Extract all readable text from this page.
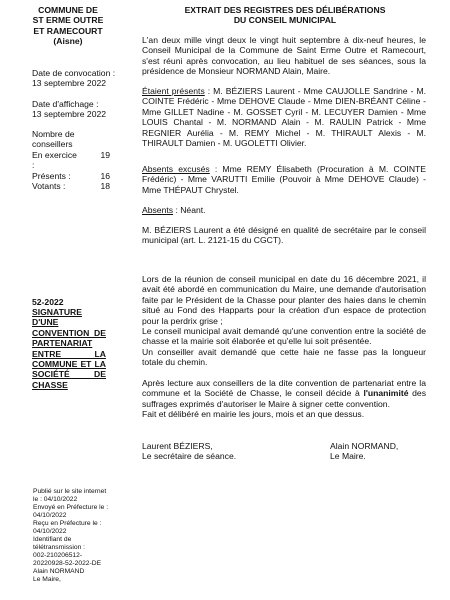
COMMUNE DE
ST ERME OUTRE
ET RAMECOURT
(Aisne)
Date de convocation :
13 septembre 2022
Date d'affichage :
13 septembre 2022
Nombre de
conseillers
En exercice :
19
Présents :	16
Votants :	18
52-2022
SIGNATURE D'UNE CONVENTION DE PARTENARIAT ENTRE LA COMMUNE ET LA SOCIÉTÉ DE CHASSE
Publié sur le site internet
le : 04/10/2022
Envoyé en Préfecture le :
04/10/2022
Reçu en Préfecture le :
04/10/2022
Identifiant de
télétransmission :
002-210206512-
20220928-52-2022-DE
Alain NORMAND
Le Maire,
EXTRAIT DES REGISTRES DES DÉLIBÉRATIONS
DU CONSEIL MUNICIPAL

L'an deux mille vingt deux le vingt huit septembre à dix-neuf heures, le Conseil Municipal de la Commune de Saint Erme Outre et Ramecourt, s'est réuni après convocation, au lieu habituel de ses séances, sous la présidence de Monsieur NORMAND Alain, Maire.

Étaient présents : M. BÉZIERS Laurent - Mme CAUJOLLE Sandrine - M. COINTE Frédéric - Mme DEHOVE Claude - Mme DIEN-BRÉANT Céline - Mme GILLET Nadine - M. GOSSET Cyril - M. LECUYER Damien - Mme LOUIS Chantal - M. NORMAND Alain - M. RAULIN Patrick - Mme REGNIER Aurélia - M. REMY Michel - M. THIRAULT Alexis - M. THIRAULT Damien - M. UGOLETTI Olivier.

Absents excusés : Mme REMY Élisabeth (Procuration à M. COINTE Frédéric) - Mme VARUTTI Emilie (Pouvoir à Mme DEHOVE Claude) - Mme THÉPAUT Chrystel.

Absents : Néant.

M. BÉZIERS Laurent a été désigné en qualité de secrétaire par le conseil municipal (art. L. 2121-15 du CGCT).

Lors de la réunion de conseil municipal en date du 16 décembre 2021, il avait été abordé en communication du Maire, une demande d'autorisation faite par le Président de la Chasse pour planter des haies dans le chemin situé au Fond des Happarts pour la création d'un espace de protection pour la perdrix grise ;

Le conseil municipal avait demandé qu'une convention entre la société de chasse et la mairie soit élaborée et qu'elle lui soit présentée.

Un conseiller avait demandé que cette haie ne fasse pas la longueur totale du chemin.

Après lecture aux conseillers de la dite convention de partenariat entre la commune et la Société de Chasse, le conseil décide à l'unanimité des suffrages exprimés d'autoriser le Maire à signer cette convention.

Fait et délibéré en mairie les jours, mois et an que dessus.

Laurent BÉZIERS,
Le secrétaire de séance.
Alain NORMAND,
Le Maire.
